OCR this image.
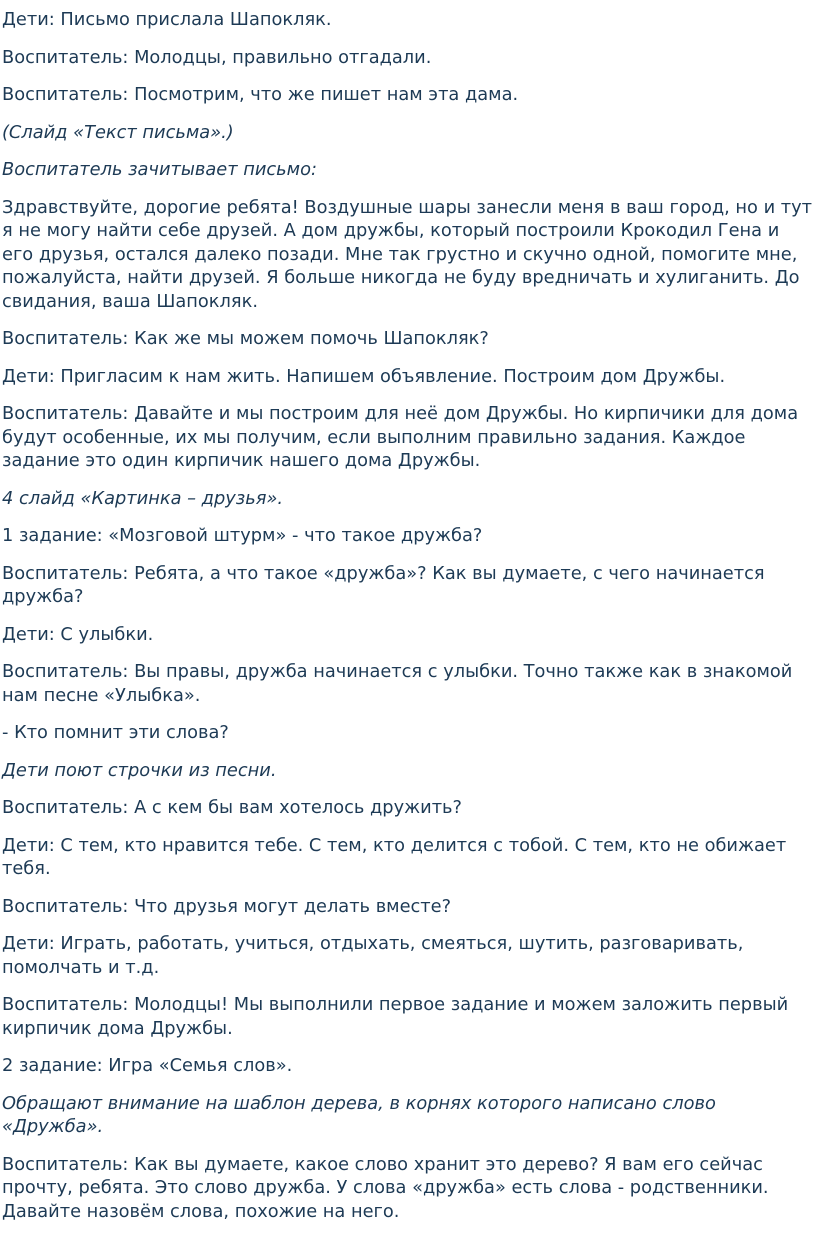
Дети: Письмо прислала Шапокляк.

Воспитатель: Молодцы, правильно отгадали.

Воспитатель: Посмотрим, что же пишет нам эта дама.

(Слайд «Текст письма».)

Воспитатель зачитывает письмо:

Здравствуйте, дорогие ребята! Воздушные шары занесли меня в ваш город, но и тут я не могу найти себе друзей. А дом дружбы, который построили Крокодил Гена и его друзья, остался далеко позади. Мне так грустно и скучно одной, помогите мне, пожалуйста, найти друзей. Я больше никогда не буду вредничать и хулиганить. До свидания, ваша Шапокляк.

Воспитатель: Как же мы можем помочь Шапокляк?

Дети: Пригласим к нам жить. Напишем объявление. Построим дом Дружбы.

Воспитатель: Давайте и мы построим для неё дом Дружбы. Но кирпичики для дома будут особенные, их мы получим, если выполним правильно задания. Каждое задание это один кирпичик нашего дома Дружбы.

4 слайд «Картинка – друзья».

1 задание: «Мозговой штурм» - что такое дружба?

Воспитатель: Ребята, а что такое «дружба»? Как вы думаете, с чего начинается дружба?

Дети: С улыбки.

Воспитатель: Вы правы, дружба начинается с улыбки. Точно также как в знакомой нам песне «Улыбка».

- Кто помнит эти слова?

Дети поют строчки из песни.

Воспитатель: А с кем бы вам хотелось дружить?

Дети: С тем, кто нравится тебе. С тем, кто делится с тобой. С тем, кто не обижает тебя.

Воспитатель: Что друзья могут делать вместе?

Дети: Играть, работать, учиться, отдыхать, смеяться, шутить, разговаривать, помолчать и т.д.

Воспитатель: Молодцы! Мы выполнили первое задание и можем заложить первый кирпичик дома Дружбы.

2 задание: Игра «Семья слов».

Обращают внимание на шаблон дерева, в корнях которого написано слово «Дружба».

Воспитатель: Как вы думаете, какое слово хранит это дерево? Я вам его сейчас прочту, ребята. Это слово дружба. У слова «дружба» есть слова - родственники. Давайте назовём слова, похожие на него.
